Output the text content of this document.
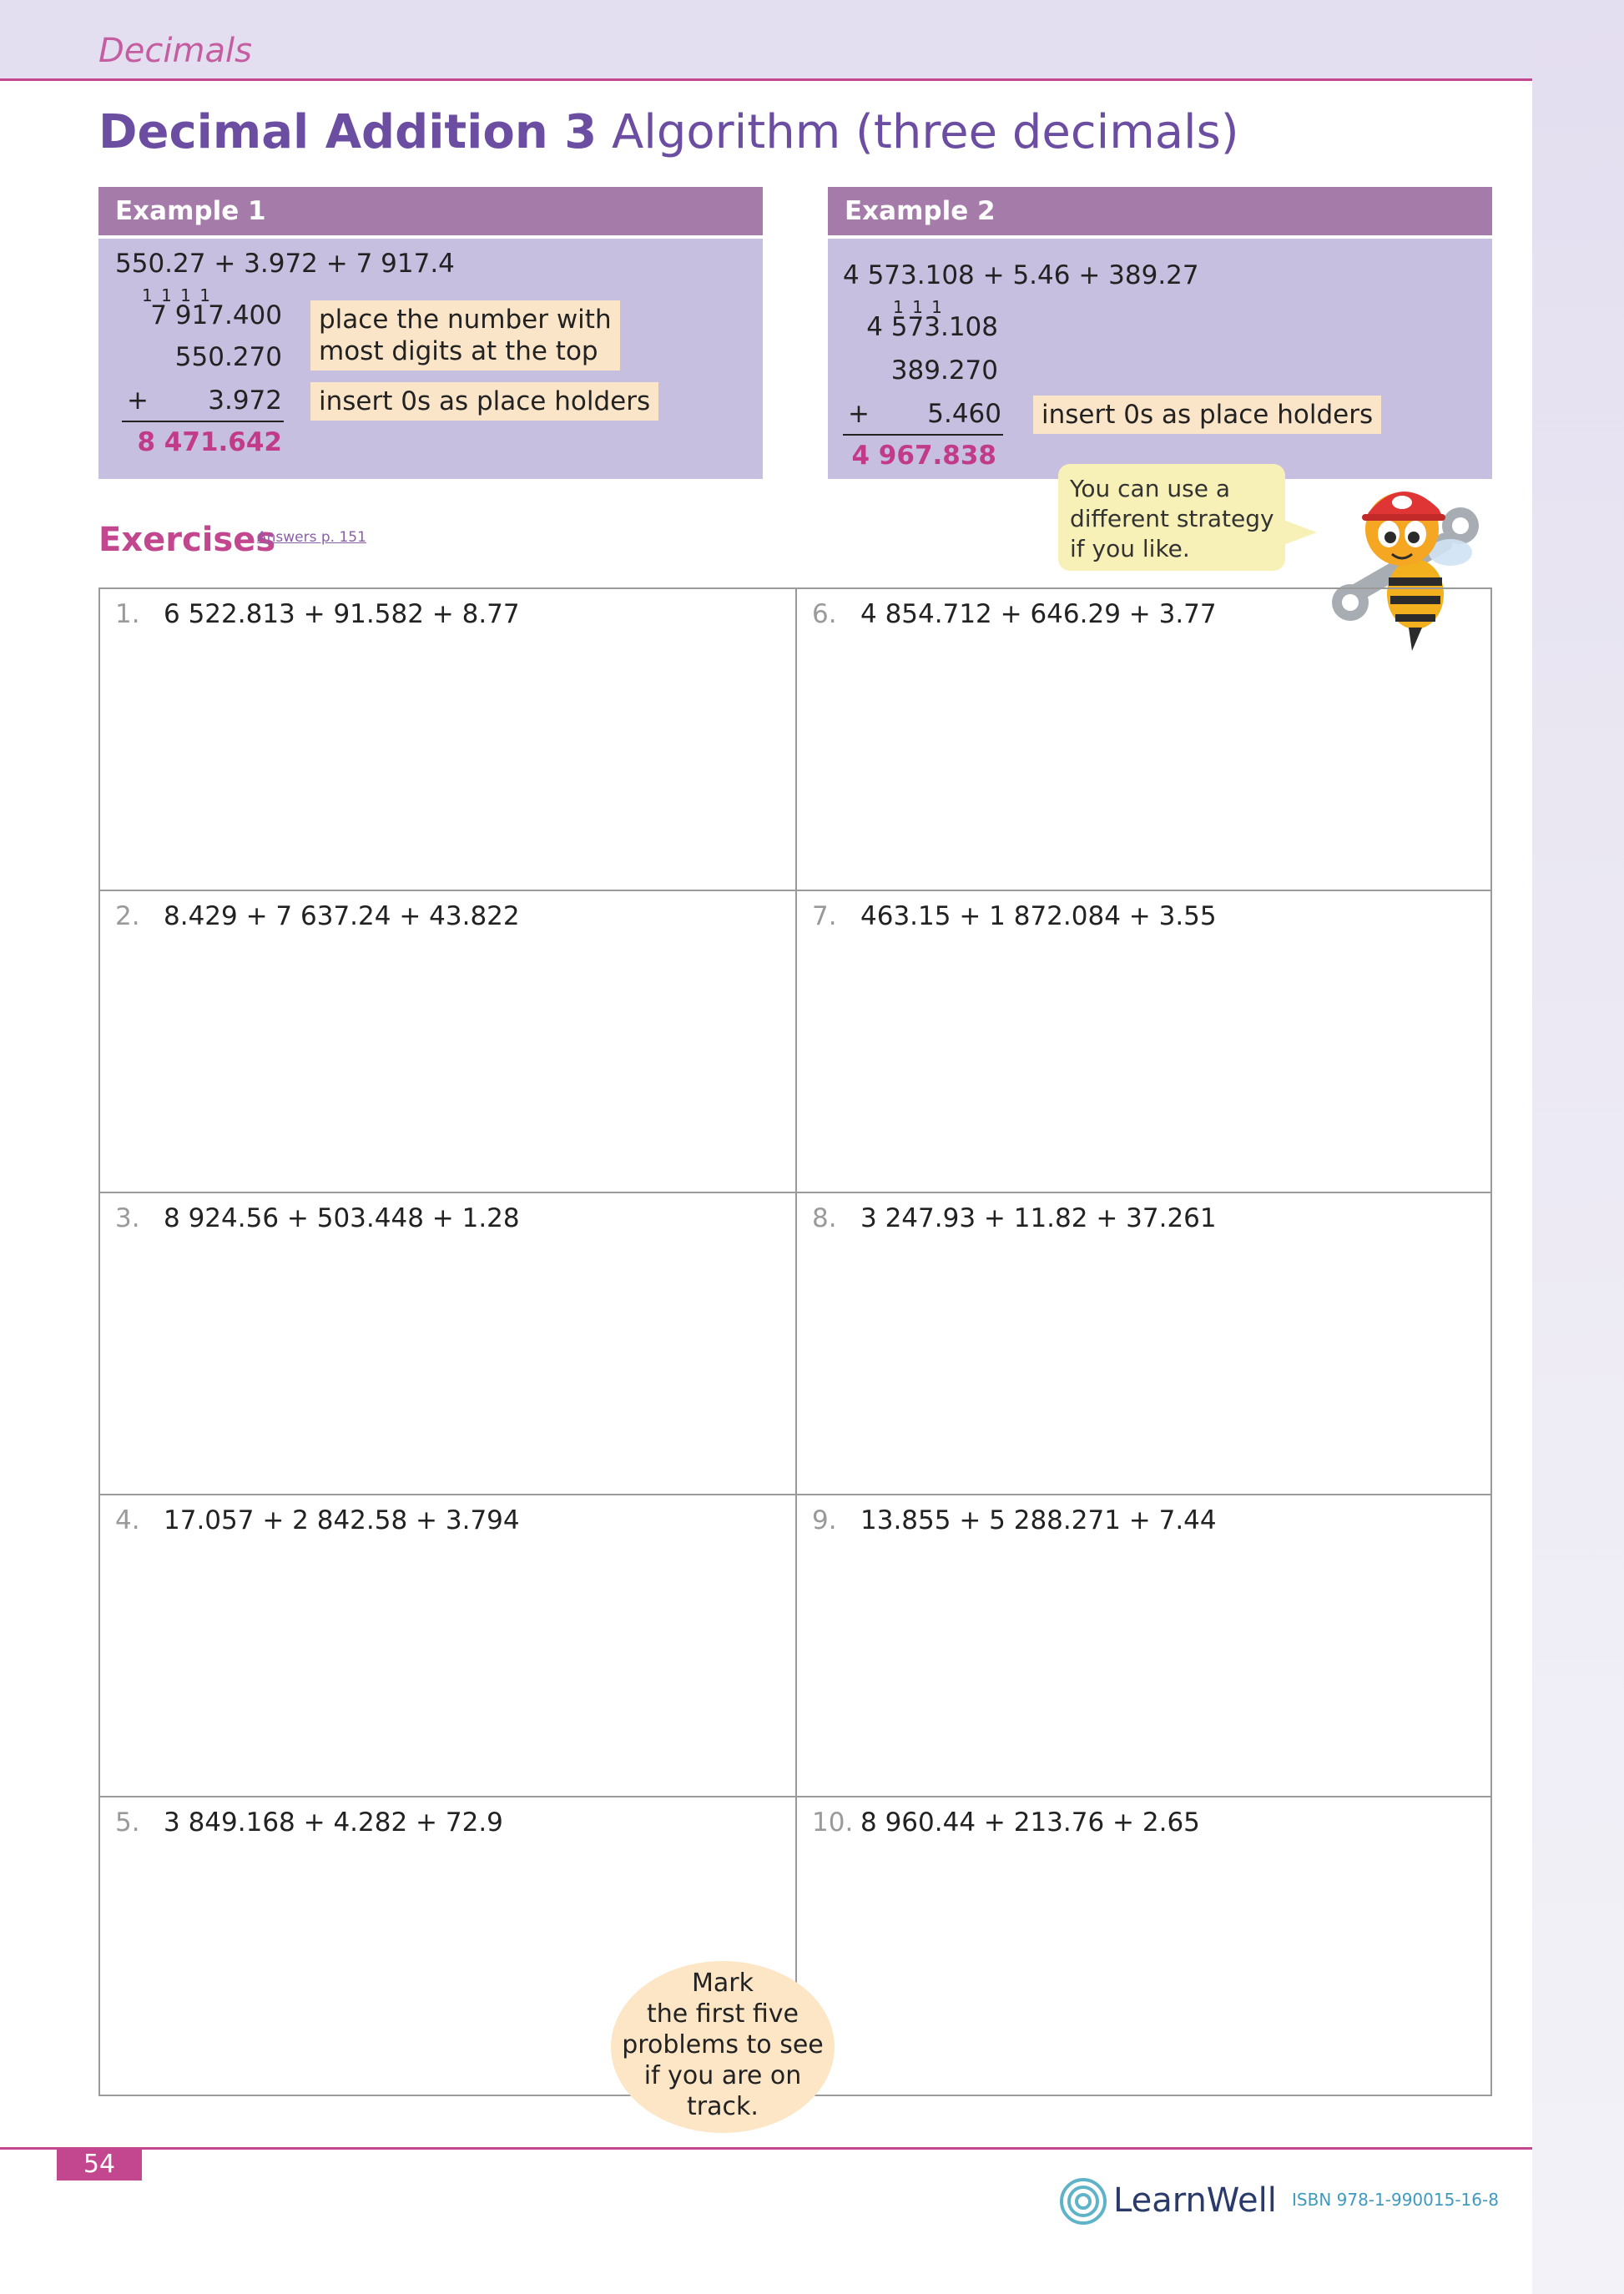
Decimals
Decimal Addition 3 Algorithm (three decimals)
Example 1
550.27 + 3.972 + 7 917.4
1 1 1 1
7 917.400
550.270
+	3.972
8 471.642
place the number with
most digits at the top
insert 0s as place holders
Example 2
4 573.108 + 5.46 + 389.27
1 1 1
4 573.108
389.270
+	5.460
4 967.838
insert 0s as place holders
You can use a
different strategy
if you like.
Exercises
Answers p. 151
1. 6 522.813 + 91.582 + 8.77
2. 8.429 + 7 637.24 + 43.822
3. 8 924.56 + 503.448 + 1.28
4. 17.057 + 2 842.58 + 3.794
5. 3 849.168 + 4.282 + 72.9
6. 4 854.712 + 646.29 + 3.77
7. 463.15 + 1 872.084 + 3.55
8. 3 247.93 + 11.82 + 37.261
9. 13.855 + 5 288.271 + 7.44
10. 8 960.44 + 213.76 + 2.65
Mark
the first five
problems to see
if you are on
track.
54
LearnWell ISBN 978-1-990015-16-8
